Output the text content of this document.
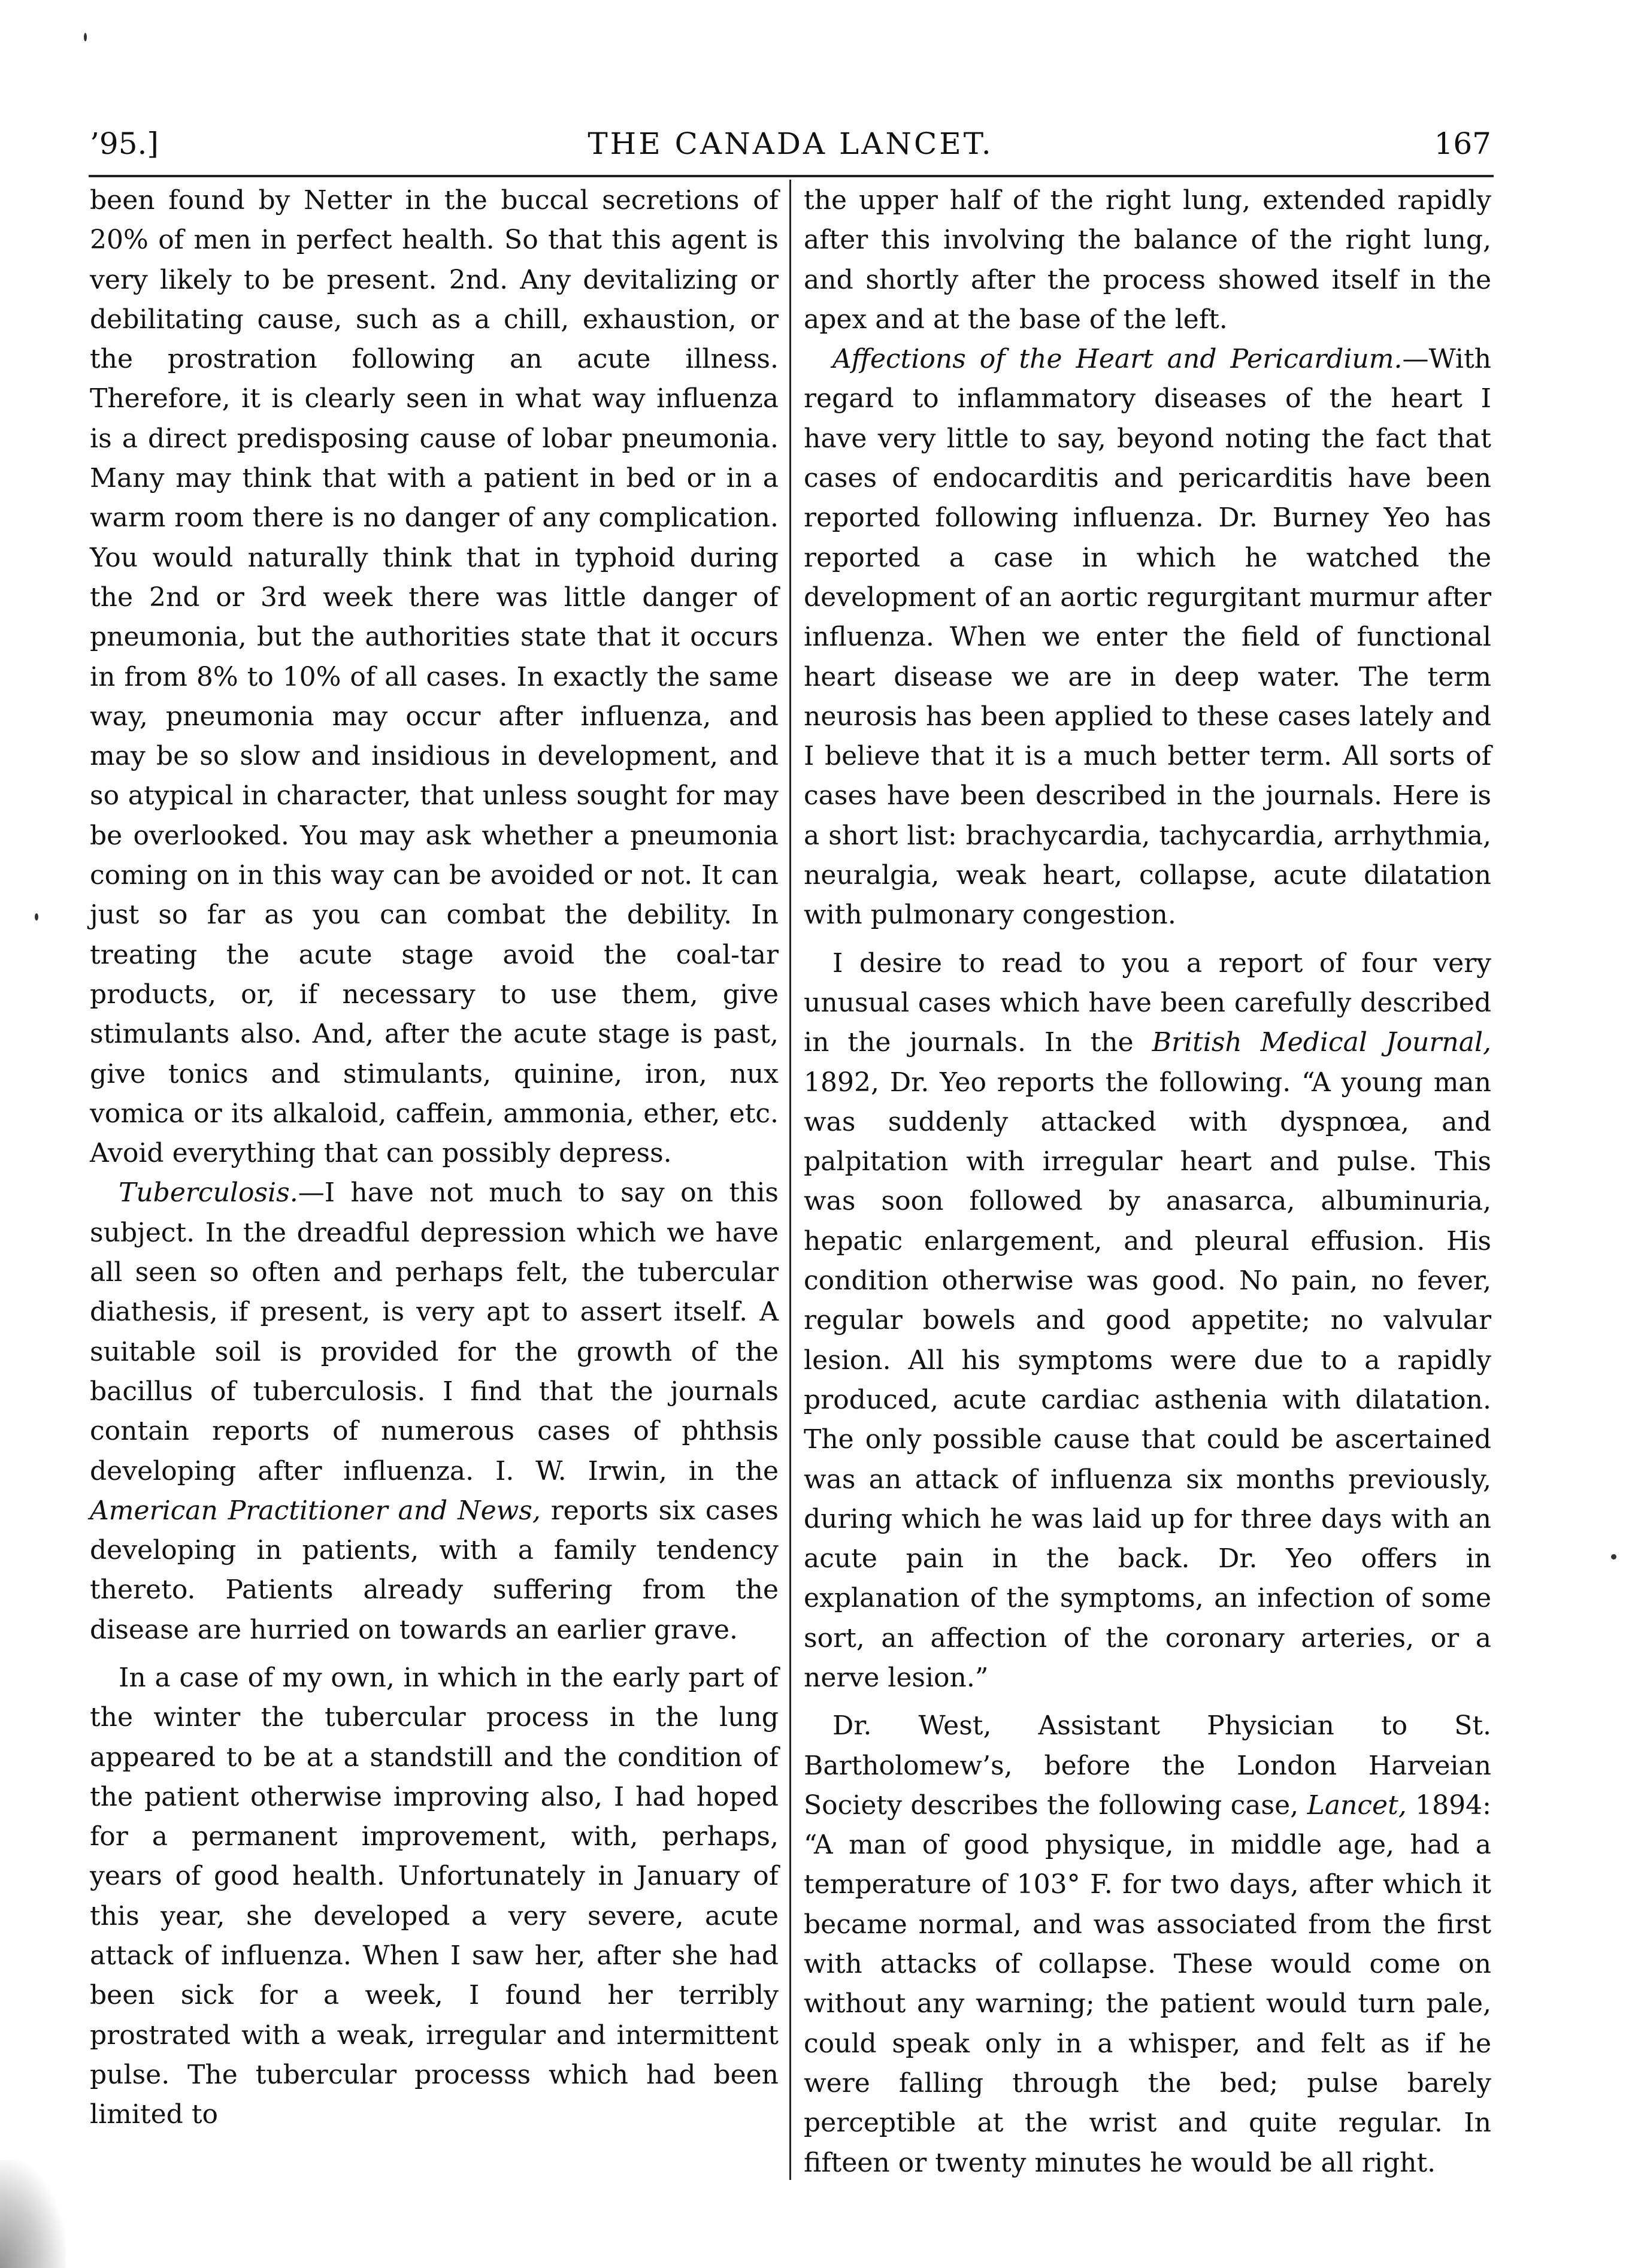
’95.]	THE CANADA LANCET.	167

been found by Netter in the buccal secretions of 20% of men in perfect health. So that this agent is very likely to be present. 2nd. Any devitalizing or debilitating cause, such as a chill, exhaustion, or the prostration following an acute illness. Therefore, it is clearly seen in what way influenza is a direct predisposing cause of lobar pneumonia. Many may think that with a patient in bed or in a warm room there is no danger of any complication. You would naturally think that in typhoid during the 2nd or 3rd week there was little danger of pneumonia, but the authorities state that it occurs in from 8% to 10% of all cases. In exactly the same way, pneumonia may occur after influenza, and may be so slow and insidious in development, and so atypical in character, that unless sought for may be overlooked. You may ask whether a pneumonia coming on in this way can be avoided or not. It can just so far as you can combat the debility. In treating the acute stage avoid the coal-tar products, or, if necessary to use them, give stimulants also. And, after the acute stage is past, give tonics and stimulants, quinine, iron, nux vomica or its alkaloid, caffein, ammonia, ether, etc. Avoid everything that can possibly depress.

Tuberculosis.—I have not much to say on this subject. In the dreadful depression which we have all seen so often and perhaps felt, the tubercular diathesis, if present, is very apt to assert itself. A suitable soil is provided for the growth of the bacillus of tuberculosis. I find that the journals contain reports of numerous cases of phthsis developing after influenza. I. W. Irwin, in the American Practitioner and News, reports six cases developing in patients, with a family tendency thereto. Patients already suffering from the disease are hurried on towards an earlier grave.

In a case of my own, in which in the early part of the winter the tubercular process in the lung appeared to be at a standstill and the condition of the patient otherwise improving also, I had hoped for a permanent improvement, with, perhaps, years of good health. Unfortunately in January of this year, she developed a very severe, acute attack of influenza. When I saw her, after she had been sick for a week, I found her terribly prostrated with a weak, irregular and intermittent pulse. The tubercular processs which had been limited to

the upper half of the right lung, extended rapidly after this involving the balance of the right lung, and shortly after the process showed itself in the apex and at the base of the left.

Affections of the Heart and Pericardium.—With regard to inflammatory diseases of the heart I have very little to say, beyond noting the fact that cases of endocarditis and pericarditis have been reported following influenza. Dr. Burney Yeo has reported a case in which he watched the development of an aortic regurgitant murmur after influenza. When we enter the field of functional heart disease we are in deep water. The term neurosis has been applied to these cases lately and I believe that it is a much better term. All sorts of cases have been described in the journals. Here is a short list: brachycardia, tachycardia, arrhythmia, neuralgia, weak heart, collapse, acute dilatation with pulmonary congestion.

I desire to read to you a report of four very unusual cases which have been carefully described in the journals. In the British Medical Journal, 1892, Dr. Yeo reports the following. “A young man was suddenly attacked with dyspnœa, and palpitation with irregular heart and pulse. This was soon followed by anasarca, albuminuria, hepatic enlargement, and pleural effusion. His condition otherwise was good. No pain, no fever, regular bowels and good appetite; no valvular lesion. All his symptoms were due to a rapidly produced, acute cardiac asthenia with dilatation. The only possible cause that could be ascertained was an attack of influenza six months previously, during which he was laid up for three days with an acute pain in the back. Dr. Yeo offers in explanation of the symptoms, an infection of some sort, an affection of the coronary arteries, or a nerve lesion.”

Dr. West, Assistant Physician to St. Bartholomew’s, before the London Harveian Society describes the following case, Lancet, 1894: “A man of good physique, in middle age, had a temperature of 103° F. for two days, after which it became normal, and was associated from the first with attacks of collapse. These would come on without any warning; the patient would turn pale, could speak only in a whisper, and felt as if he were falling through the bed; pulse barely perceptible at the wrist and quite regular. In fifteen or twenty minutes he would be all right.
